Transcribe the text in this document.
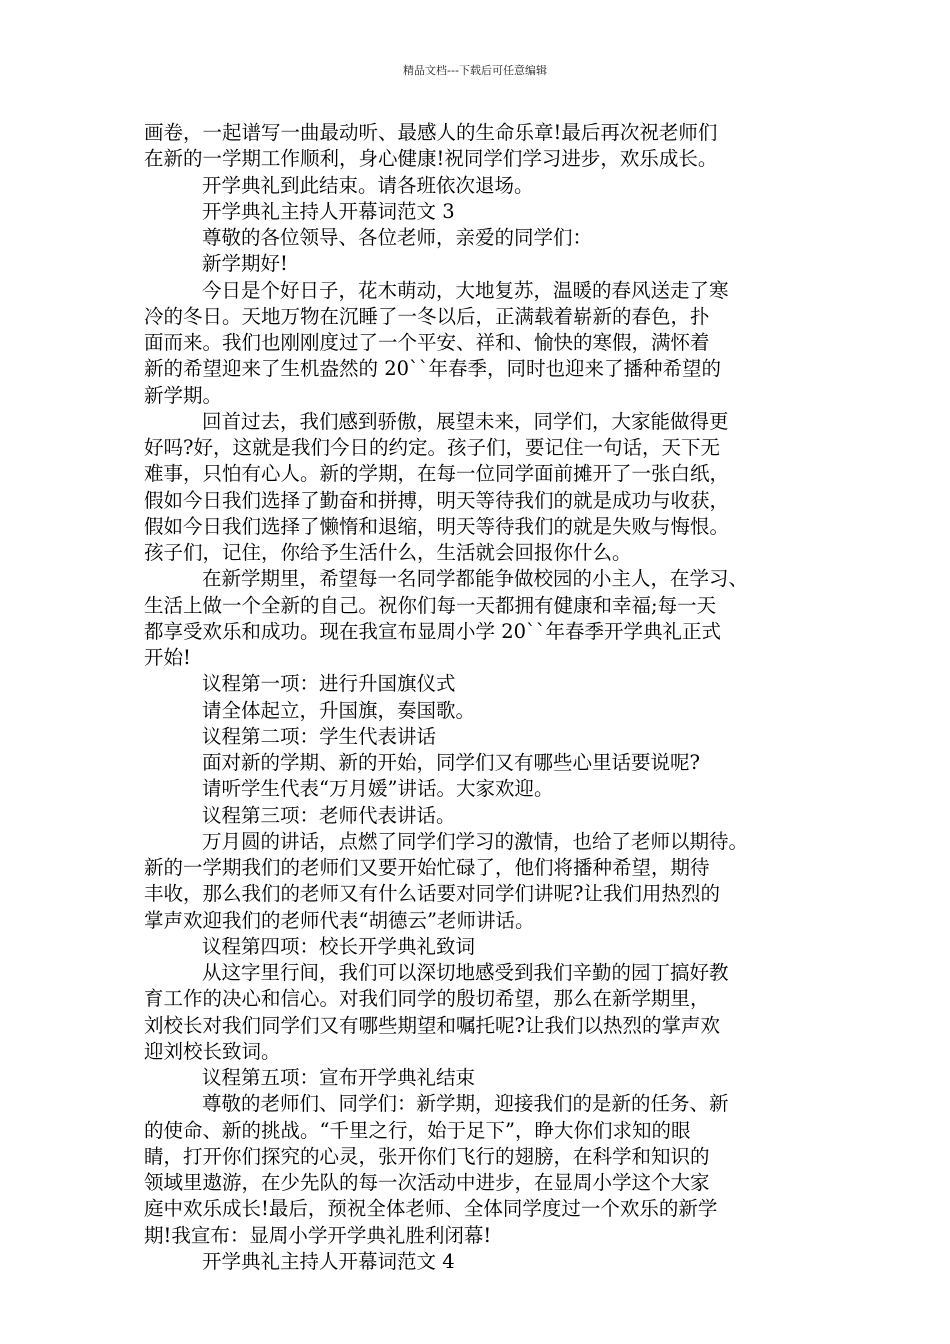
精品文档---下载后可任意编辑
画卷，一起谱写一曲最动听、最感人的生命乐章!最后再次祝老师们
在新的一学期工作顺利，身心健康!祝同学们学习进步，欢乐成长。
开学典礼到此结束。请各班依次退场。
开学典礼主持人开幕词范文 3
尊敬的各位领导、各位老师，亲爱的同学们：
新学期好!
今日是个好日子，花木萌动，大地复苏，温暖的春风送走了寒
冷的冬日。天地万物在沉睡了一冬以后，正满载着崭新的春色，扑
面而来。我们也刚刚度过了一个平安、祥和、愉快的寒假，满怀着
新的希望迎来了生机盎然的 20``年春季，同时也迎来了播种希望的
新学期。
回首过去，我们感到骄傲，展望未来，同学们，大家能做得更
好吗?好，这就是我们今日的约定。孩子们，要记住一句话，天下无
难事，只怕有心人。新的学期，在每一位同学面前摊开了一张白纸，
假如今日我们选择了勤奋和拼搏，明天等待我们的就是成功与收获，
假如今日我们选择了懒惰和退缩，明天等待我们的就是失败与悔恨。
孩子们，记住，你给予生活什么，生活就会回报你什么。
在新学期里，希望每一名同学都能争做校园的小主人，在学习、
生活上做一个全新的自己。祝你们每一天都拥有健康和幸福;每一天
都享受欢乐和成功。现在我宣布显周小学 20``年春季开学典礼正式
开始!
议程第一项：进行升国旗仪式
请全体起立，升国旗，奏国歌。
议程第二项：学生代表讲话
面对新的学期、新的开始，同学们又有哪些心里话要说呢?
请听学生代表“万月媛”讲话。大家欢迎。
议程第三项：老师代表讲话。
万月圆的讲话，点燃了同学们学习的激情，也给了老师以期待。
新的一学期我们的老师们又要开始忙碌了，他们将播种希望，期待
丰收，那么我们的老师又有什么话要对同学们讲呢?让我们用热烈的
掌声欢迎我们的老师代表“胡德云”老师讲话。
议程第四项：校长开学典礼致词
从这字里行间，我们可以深切地感受到我们辛勤的园丁搞好教
育工作的决心和信心。对我们同学的殷切希望，那么在新学期里，
刘校长对我们同学们又有哪些期望和嘱托呢?让我们以热烈的掌声欢
迎刘校长致词。
议程第五项：宣布开学典礼结束
尊敬的老师们、同学们：新学期，迎接我们的是新的任务、新
的使命、新的挑战。“千里之行，始于足下”，睁大你们求知的眼
睛，打开你们探究的心灵，张开你们飞行的翅膀，在科学和知识的
领域里遨游，在少先队的每一次活动中进步，在显周小学这个大家
庭中欢乐成长!最后，预祝全体老师、全体同学度过一个欢乐的新学
期!我宣布：显周小学开学典礼胜利闭幕!
开学典礼主持人开幕词范文 4
